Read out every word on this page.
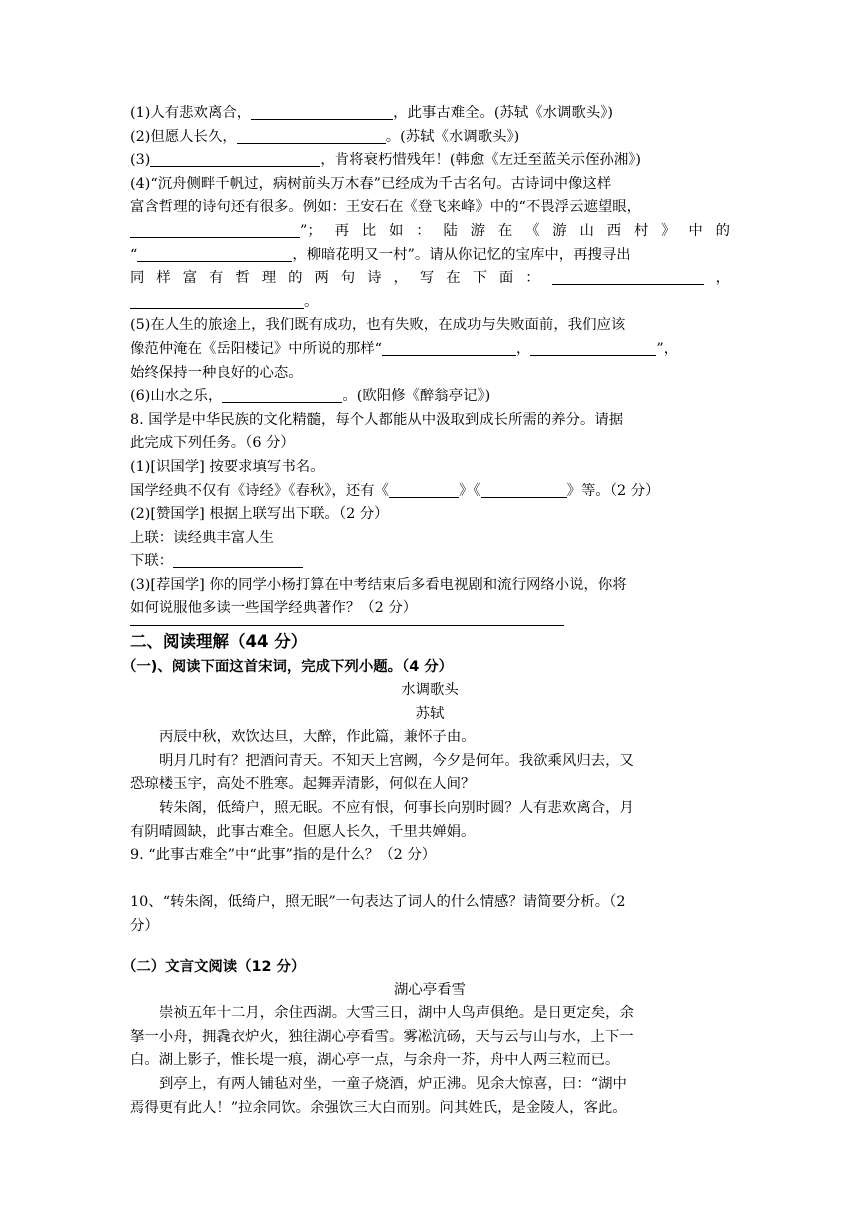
(1)人有悲欢离合，	，此事古难全。(苏轼《水调歌头》)
(2)但愿人长久，	。(苏轼《水调歌头》)
(3)	，肯将衰朽惜残年！(韩愈《左迁至蓝关示侄孙湘》)
(4)“沉舟侧畔千帆过，病树前头万木春”已经成为千古名句。古诗词中像这样
富含哲理的诗句还有很多。例如：王安石在《登飞来峰》中的“不畏浮云遮望眼，
”；再比如：陆游在《游山西村》中的
“	，柳暗花明又一村”。请从你记忆的宝库中，再搜寻出
同样富有哲理的两句诗，写在下面：	，
。
(5)在人生的旅途上，我们既有成功，也有失败，在成功与失败面前，我们应该
像范仲淹在《岳阳楼记》中所说的那样“	，	”，
始终保持一种良好的心态。
(6)山水之乐，	。(欧阳修《醉翁亭记》)
8. 国学是中华民族的文化精髓，每个人都能从中汲取到成长所需的养分。请据
此完成下列任务。（6 分）
(1)[识国学] 按要求填写书名。
国学经典不仅有《诗经》《春秋》，还有《	》《	》等。（2 分）
(2)[赞国学] 根据上联写出下联。（2 分）
上联：读经典丰富人生
下联：
(3)[荐国学] 你的同学小杨打算在中考结束后多看电视剧和流行网络小说，你将
如何说服他多读一些国学经典著作？（2 分）
二、阅读理解（44 分）
（一)、阅读下面这首宋词，完成下列小题。（4 分）
水调歌头
苏轼
丙辰中秋，欢饮达旦，大醉，作此篇，兼怀子由。
明月几时有？把酒问青天。不知天上宫阙，今夕是何年。我欲乘风归去，又
恐琼楼玉宇，高处不胜寒。起舞弄清影，何似在人间？
转朱阁，低绮户，照无眠。不应有恨，何事长向别时圆？人有悲欢离合，月
有阴晴圆缺，此事古难全。但愿人长久，千里共婵娟。
9. “此事古难全”中“此事”指的是什么？（2 分）
10、“转朱阁，低绮户，照无眠”一句表达了词人的什么情感？请简要分析。（2
分）
（二）文言文阅读（12 分）
湖心亭看雪
崇祯五年十二月，余住西湖。大雪三日，湖中人鸟声俱绝。是日更定矣，余
拏一小舟，拥毳衣炉火，独往湖心亭看雪。雾凇沆砀，天与云与山与水，上下一
白。湖上影子，惟长堤一痕，湖心亭一点，与余舟一芥，舟中人两三粒而已。
到亭上，有两人铺毡对坐，一童子烧酒，炉正沸。见余大惊喜，曰：“湖中
焉得更有此人！”拉余同饮。余强饮三大白而别。问其姓氏，是金陵人，客此。
